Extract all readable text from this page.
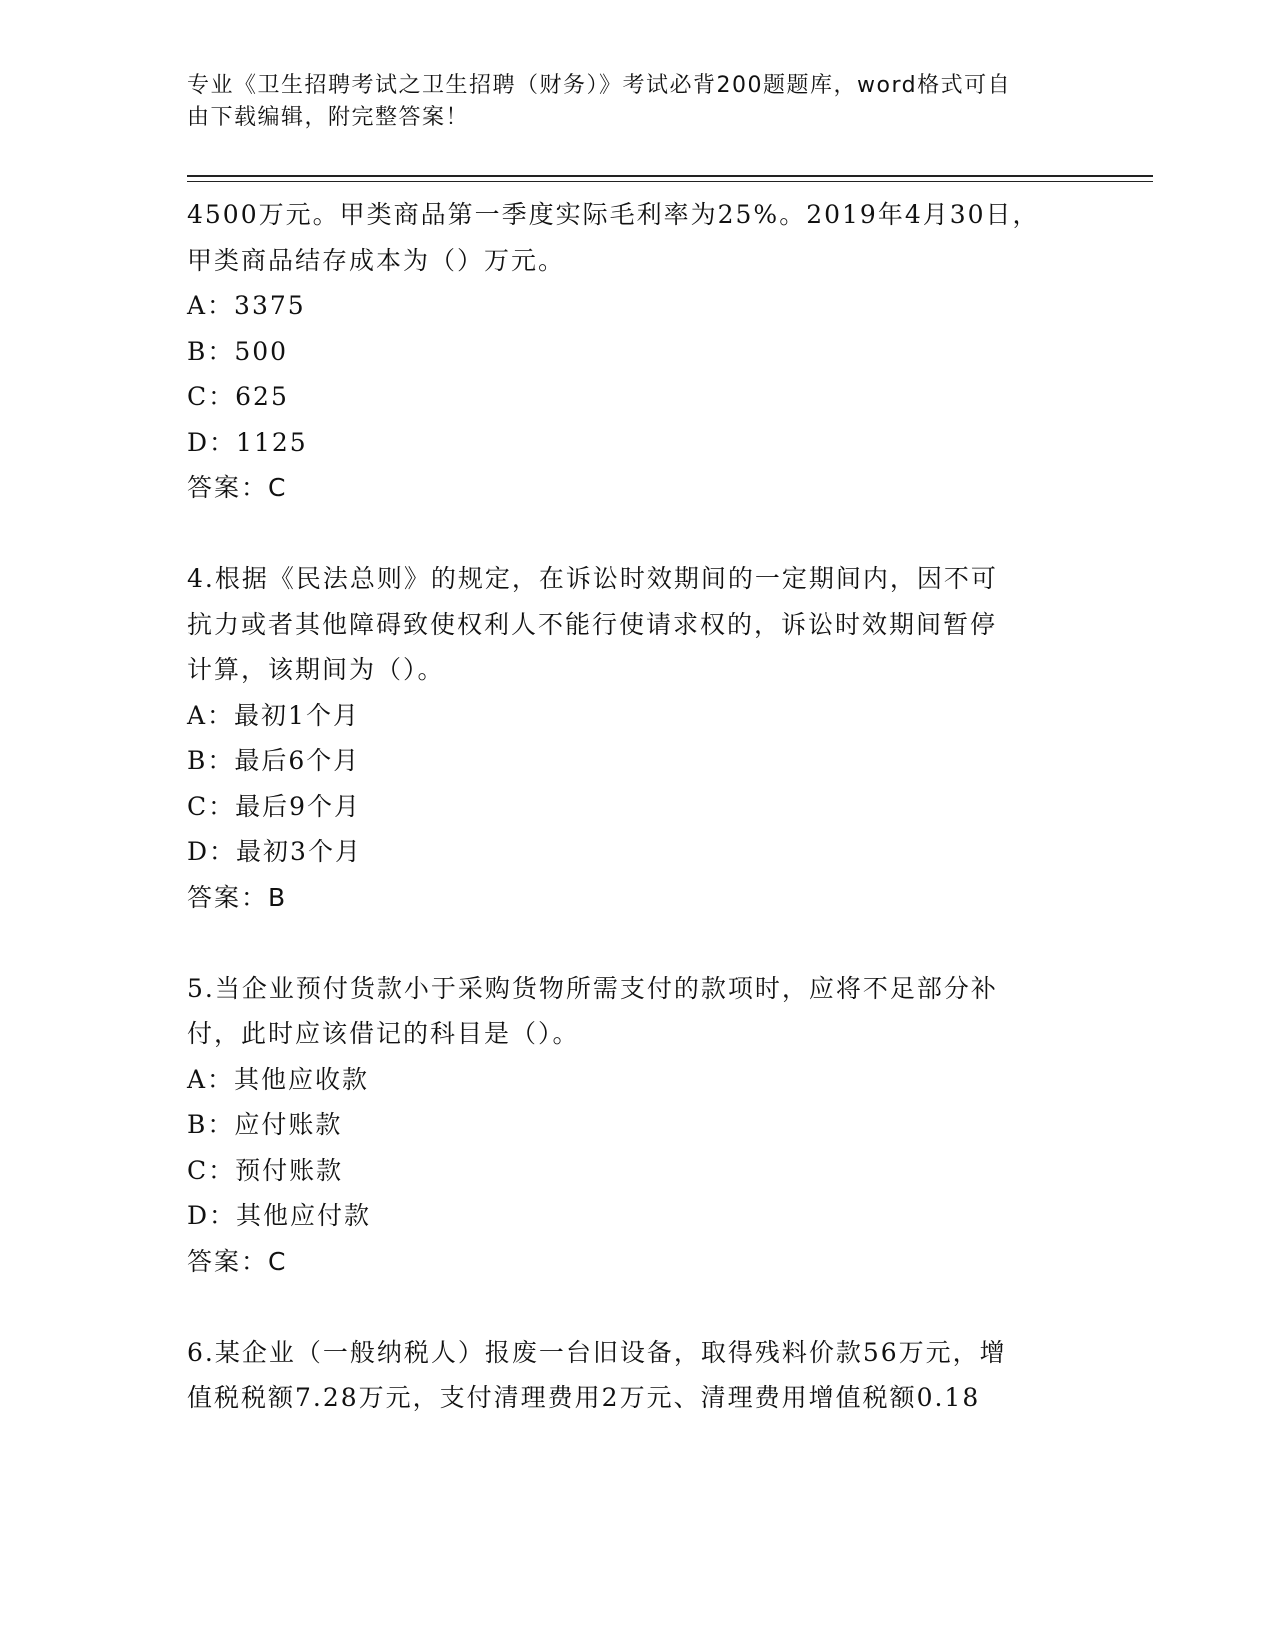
专业《卫生招聘考试之卫生招聘（财务）》考试必背200题题库，word格式可自
由下载编辑，附完整答案！
4500万元。甲类商品第一季度实际毛利率为25%。2019年4月30日，
甲类商品结存成本为（）万元。
A：3375
B：500
C：625
D：1125
答案：C
4.根据《民法总则》的规定，在诉讼时效期间的一定期间内，因不可
抗力或者其他障碍致使权利人不能行使请求权的，诉讼时效期间暂停
计算，该期间为（）。
A：最初1个月
B：最后6个月
C：最后9个月
D：最初3个月
答案：B
5.当企业预付货款小于采购货物所需支付的款项时，应将不足部分补
付，此时应该借记的科目是（）。
A：其他应收款
B：应付账款
C：预付账款
D：其他应付款
答案：C
6.某企业（一般纳税人）报废一台旧设备，取得残料价款56万元，增
值税税额7.28万元，支付清理费用2万元、清理费用增值税额0.18
